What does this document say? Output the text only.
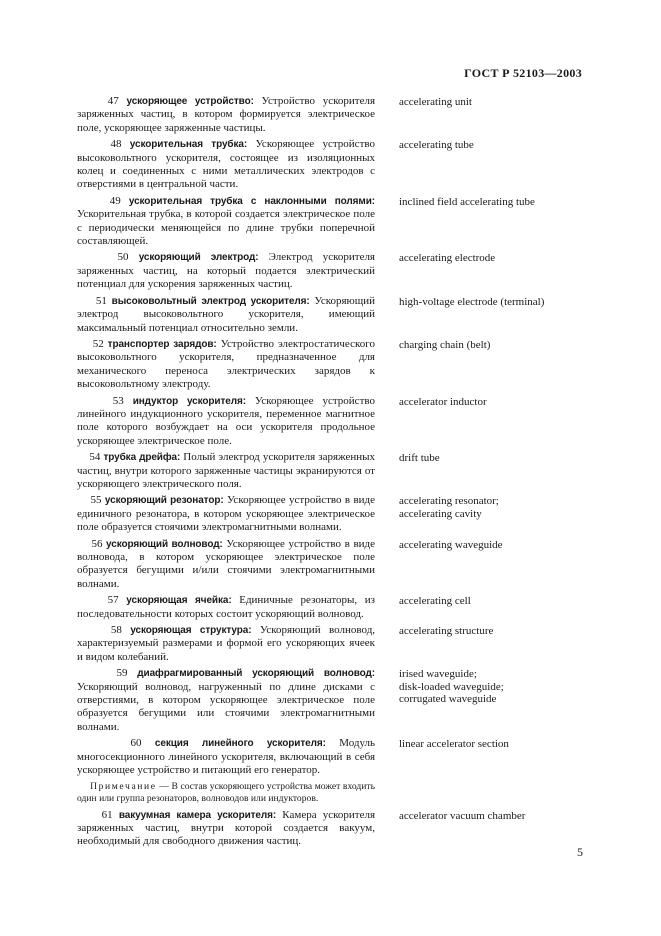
ГОСТ Р 52103—2003
47 ускоряющее устройство: Устройство ускорителя заряженных частиц, в котором формируется электрическое поле, ускоряющее заряженные частицы.
accelerating unit
48 ускорительная трубка: Ускоряющее устройство высоковольтного ускорителя, состоящее из изоляционных колец и соединенных с ними металлических электродов с отверстиями в центральной части.
accelerating tube
49 ускорительная трубка с наклонными полями: Ускорительная трубка, в которой создается электрическое поле с периодически меняющейся по длине трубки поперечной составляющей.
inclined field accelerating tube
50 ускоряющий электрод: Электрод ускорителя заряженных частиц, на который подается электрический потенциал для ускорения заряженных частиц.
accelerating electrode
51 высоковольтный электрод ускорителя: Ускоряющий электрод высоковольтного ускорителя, имеющий максимальный потенциал относительно земли.
high-voltage electrode (terminal)
52 транспортер зарядов: Устройство электростатического высоковольтного ускорителя, предназначенное для механического переноса электрических зарядов к высоковольтному электроду.
charging chain (belt)
53 индуктор ускорителя: Ускоряющее устройство линейного индукционного ускорителя, переменное магнитное поле которого возбуждает на оси ускорителя продольное ускоряющее электрическое поле.
accelerator inductor
54 трубка дрейфа: Полый электрод ускорителя заряженных частиц, внутри которого заряженные частицы экранируются от ускоряющего электрического поля.
drift tube
55 ускоряющий резонатор: Ускоряющее устройство в виде единичного резонатора, в котором ускоряющее электрическое поле образуется стоячими электромагнитными волнами.
accelerating resonator;
accelerating cavity
56 ускоряющий волновод: Ускоряющее устройство в виде волновода, в котором ускоряющее электрическое поле образуется бегущими и/или стоячими электромагнитными волнами.
accelerating waveguide
57 ускоряющая ячейка: Единичные резонаторы, из последовательности которых состоит ускоряющий волновод.
accelerating cell
58 ускоряющая структура: Ускоряющий волновод, характеризуемый размерами и формой его ускоряющих ячеек и видом колебаний.
accelerating structure
59 диафрагмированный ускоряющий волновод: Ускоряющий волновод, нагруженный по длине дисками с отверстиями, в котором ускоряющее электрическое поле образуется бегущими или стоячими электромагнитными волнами.
irised waveguide;
disk-loaded waveguide;
corrugated waveguide
60 секция линейного ускорителя: Модуль многосекционного линейного ускорителя, включающий в себя ускоряющее устройство и питающий его генератор.
linear accelerator section
Примечание — В состав ускоряющего устройства может входить один или группа резонаторов, волноводов или индукторов.
61 вакуумная камера ускорителя: Камера ускорителя заряженных частиц, внутри которой создается вакуум, необходимый для свободного движения частиц.
accelerator vacuum chamber
5
